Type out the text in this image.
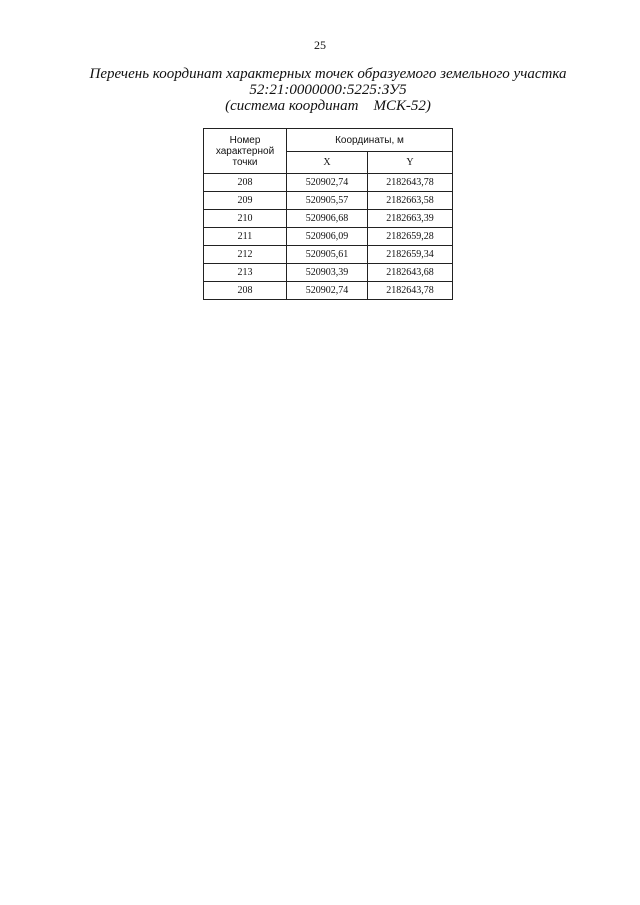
25
Перечень координат характерных точек образуемого земельного участка
52:21:0000000:5225:ЗУ5
(система координат    МСК-52)
Номер характерной точки	Координаты, м	
	X	Y
208	520902,74	2182643,78
209	520905,57	2182663,58
210	520906,68	2182663,39
211	520906,09	2182659,28
212	520905,61	2182659,34
213	520903,39	2182643,68
208	520902,74	2182643,78
